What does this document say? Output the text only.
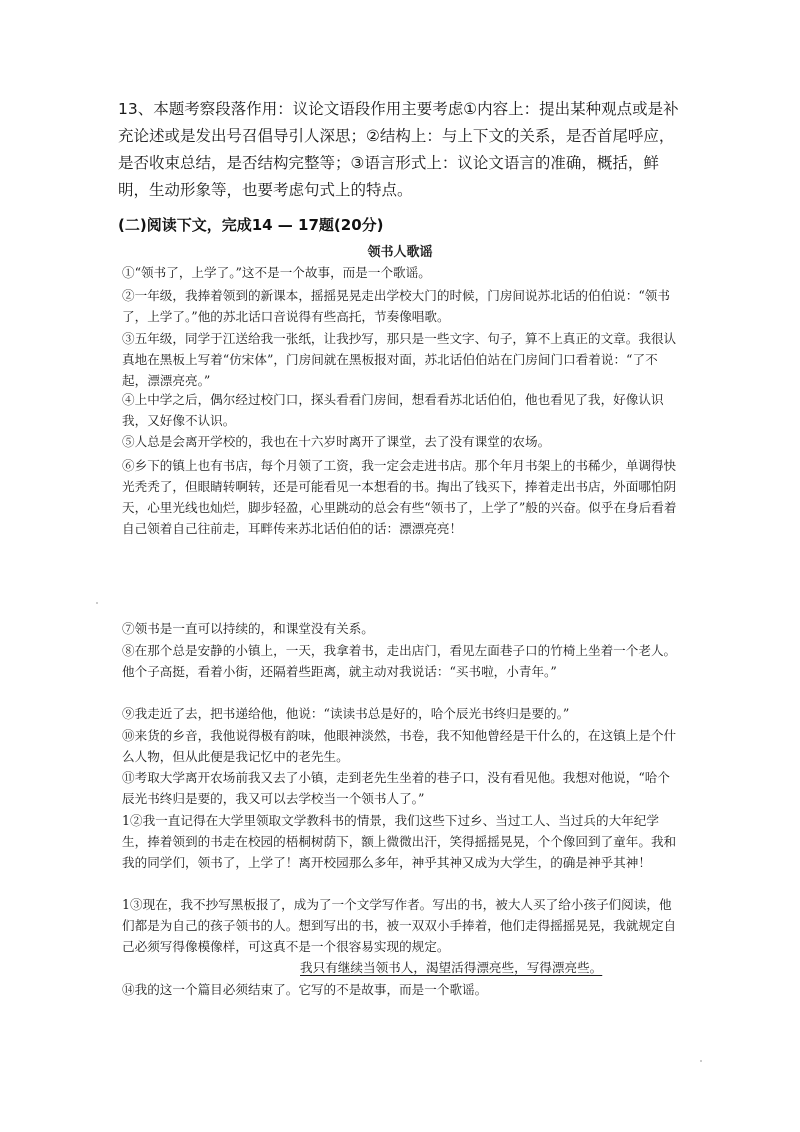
13、本题考察段落作用：议论文语段作用主要考虑①内容上：提出某种观点或是补充论述或是发出号召倡导引人深思；②结构上：与上下文的关系，是否首尾呼应，是否收束总结，是否结构完整等；③语言形式上：议论文语言的准确，概括，鲜明，生动形象等，也要考虑句式上的特点。
(二)阅读下文，完成14 — 17题(20分)
领书人歌谣
①“领书了，上学了。”这不是一个故事，而是一个歌谣。
②一年级，我捧着领到的新课本，摇摇晃晃走出学校大门的时候，门房间说苏北话的伯伯说：“领书了，上学了。”他的苏北话口音说得有些高托，节奏像唱歌。
③五年级，同学于江送给我一张纸，让我抄写，那只是一些文字、句子，算不上真正的文章。我很认真地在黑板上写着“仿宋体”，门房间就在黑板报对面，苏北话伯伯站在门房间门口看着说：“了不起，漂漂亮亮。”
④上中学之后，偶尔经过校门口，探头看看门房间，想看看苏北话伯伯，他也看见了我，好像认识我，又好像不认识。
⑤人总是会离开学校的，我也在十六岁时离开了课堂，去了没有课堂的农场。
⑥乡下的镇上也有书店，每个月领了工资，我一定会走进书店。那个年月书架上的书稀少，单调得快光秃秃了，但眼睛转啊转，还是可能看见一本想看的书。掏出了钱买下，捧着走出书店，外面哪怕阴天，心里光线也灿烂，脚步轻盈，心里跳动的总会有些“领书了，上学了”般的兴奋。似乎在身后看着自己领着自己往前走，耳畔传来苏北话伯伯的话：漂漂亮亮！
⑦领书是一直可以持续的，和课堂没有关系。
⑧在那个总是安静的小镇上，一天，我拿着书，走出店门，看见左面巷子口的竹椅上坐着一个老人。他个子高挺，看着小街，还隔着些距离，就主动对我说话：“买书啦，小青年。”
⑨我走近了去，把书递给他，他说：“读读书总是好的，哈个辰光书终归是要的。”
⑩来货的乡音，我他说得极有韵味，他眼神淡然，书卷，我不知他曾经是干什么的，在这镇上是个什么人物，但从此便是我记忆中的老先生。
⑪考取大学离开农场前我又去了小镇，走到老先生坐着的巷子口，没有看见他。我想对他说，“哈个辰光书终归是要的，我又可以去学校当一个领书人了。”
1②我一直记得在大学里领取文学教科书的情景，我们这些下过乡、当过工人、当过兵的大年纪学生，捧着领到的书走在校园的梧桐树荫下，额上微微出汗，笑得摇摇晃晃，个个像回到了童年。我和我的同学们，领书了，上学了！离开校园那么多年，神乎其神又成为大学生，的确是神乎其神！
1③现在，我不抄写黑板报了，成为了一个文学写作者。写出的书，被大人买了给小孩子们阅读，他们都是为自己的孩子领书的人。想到写出的书，被一双双小手捧着，他们走得摇摇晃晃，我就规定自己必须写得像模像样，可这真不是一个很容易实现的规定。
我只有继续当领书人，渴望活得漂亮些，写得漂亮些。
⑭我的这一个篇目必须结束了。它写的不是故事，而是一个歌谣。
